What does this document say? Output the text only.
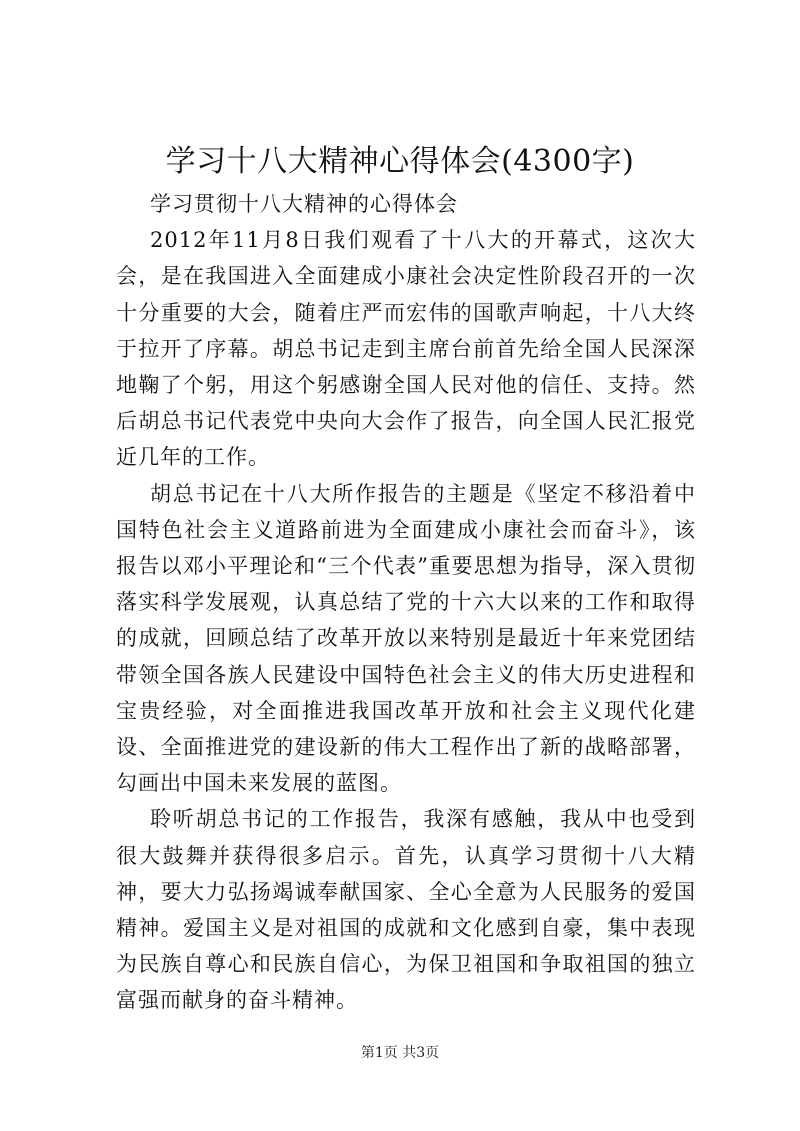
学习十八大精神心得体会(4300字)

学习贯彻十八大精神的心得体会

2012年11月8日我们观看了十八大的开幕式，这次大会，是在我国进入全面建成小康社会决定性阶段召开的一次十分重要的大会，随着庄严而宏伟的国歌声响起，十八大终于拉开了序幕。胡总书记走到主席台前首先给全国人民深深地鞠了个躬，用这个躬感谢全国人民对他的信任、支持。然后胡总书记代表党中央向大会作了报告，向全国人民汇报党近几年的工作。

胡总书记在十八大所作报告的主题是《坚定不移沿着中国特色社会主义道路前进为全面建成小康社会而奋斗》，该报告以邓小平理论和“三个代表”重要思想为指导，深入贯彻落实科学发展观，认真总结了党的十六大以来的工作和取得的成就，回顾总结了改革开放以来特别是最近十年来党团结带领全国各族人民建设中国特色社会主义的伟大历史进程和宝贵经验，对全面推进我国改革开放和社会主义现代化建设、全面推进党的建设新的伟大工程作出了新的战略部署，勾画出中国未来发展的蓝图。

聆听胡总书记的工作报告，我深有感触，我从中也受到很大鼓舞并获得很多启示。首先，认真学习贯彻十八大精神，要大力弘扬竭诚奉献国家、全心全意为人民服务的爱国精神。爱国主义是对祖国的成就和文化感到自豪，集中表现为民族自尊心和民族自信心，为保卫祖国和争取祖国的独立富强而献身的奋斗精神。

第1页 共3页
